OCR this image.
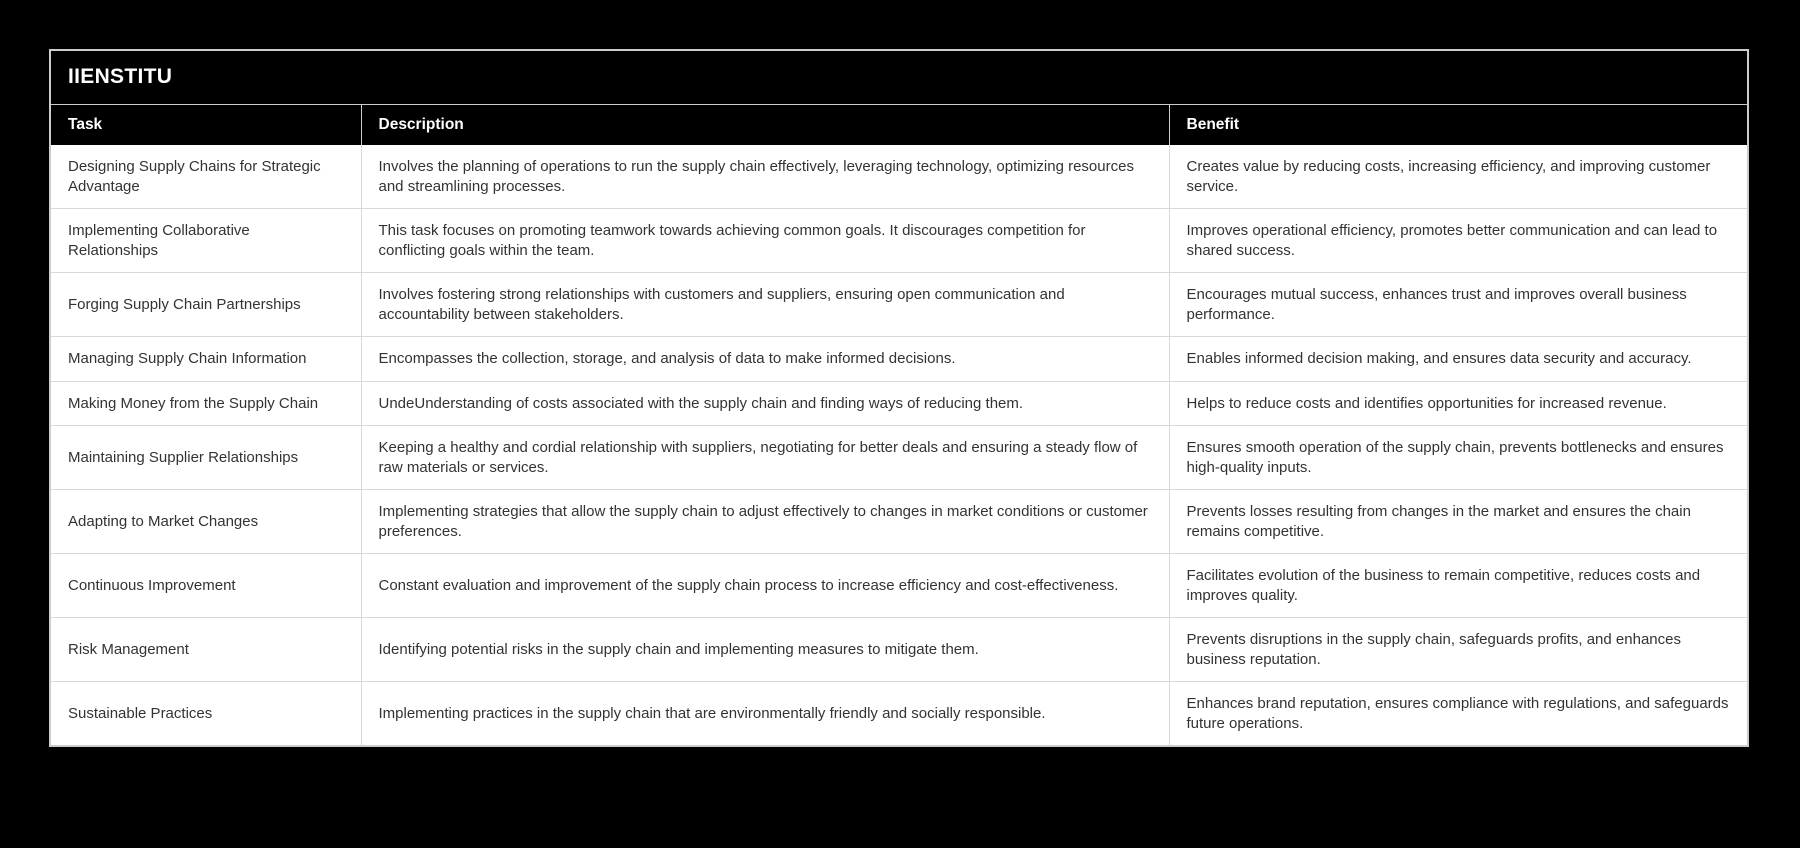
IIENSTITU
Task	Description	Benefit
Designing Supply Chains for Strategic Advantage	Involves the planning of operations to run the supply chain effectively, leveraging technology, optimizing resources and streamlining processes.	Creates value by reducing costs, increasing efficiency, and improving customer service.
Implementing Collaborative Relationships	This task focuses on promoting teamwork towards achieving common goals. It discourages competition for conflicting goals within the team.	Improves operational efficiency, promotes better communication and can lead to shared success.
Forging Supply Chain Partnerships	Involves fostering strong relationships with customers and suppliers, ensuring open communication and accountability between stakeholders.	Encourages mutual success, enhances trust and improves overall business performance.
Managing Supply Chain Information	Encompasses the collection, storage, and analysis of data to make informed decisions.	Enables informed decision making, and ensures data security and accuracy.
Making Money from the Supply Chain	UndeUnderstanding of costs associated with the supply chain and finding ways of reducing them.	Helps to reduce costs and identifies opportunities for increased revenue.
Maintaining Supplier Relationships	Keeping a healthy and cordial relationship with suppliers, negotiating for better deals and ensuring a steady flow of raw materials or services.	Ensures smooth operation of the supply chain, prevents bottlenecks and ensures high-quality inputs.
Adapting to Market Changes	Implementing strategies that allow the supply chain to adjust effectively to changes in market conditions or customer preferences.	Prevents losses resulting from changes in the market and ensures the chain remains competitive.
Continuous Improvement	Constant evaluation and improvement of the supply chain process to increase efficiency and cost-effectiveness.	Facilitates evolution of the business to remain competitive, reduces costs and improves quality.
Risk Management	Identifying potential risks in the supply chain and implementing measures to mitigate them.	Prevents disruptions in the supply chain, safeguards profits, and enhances business reputation.
Sustainable Practices	Implementing practices in the supply chain that are environmentally friendly and socially responsible.	Enhances brand reputation, ensures compliance with regulations, and safeguards future operations.
